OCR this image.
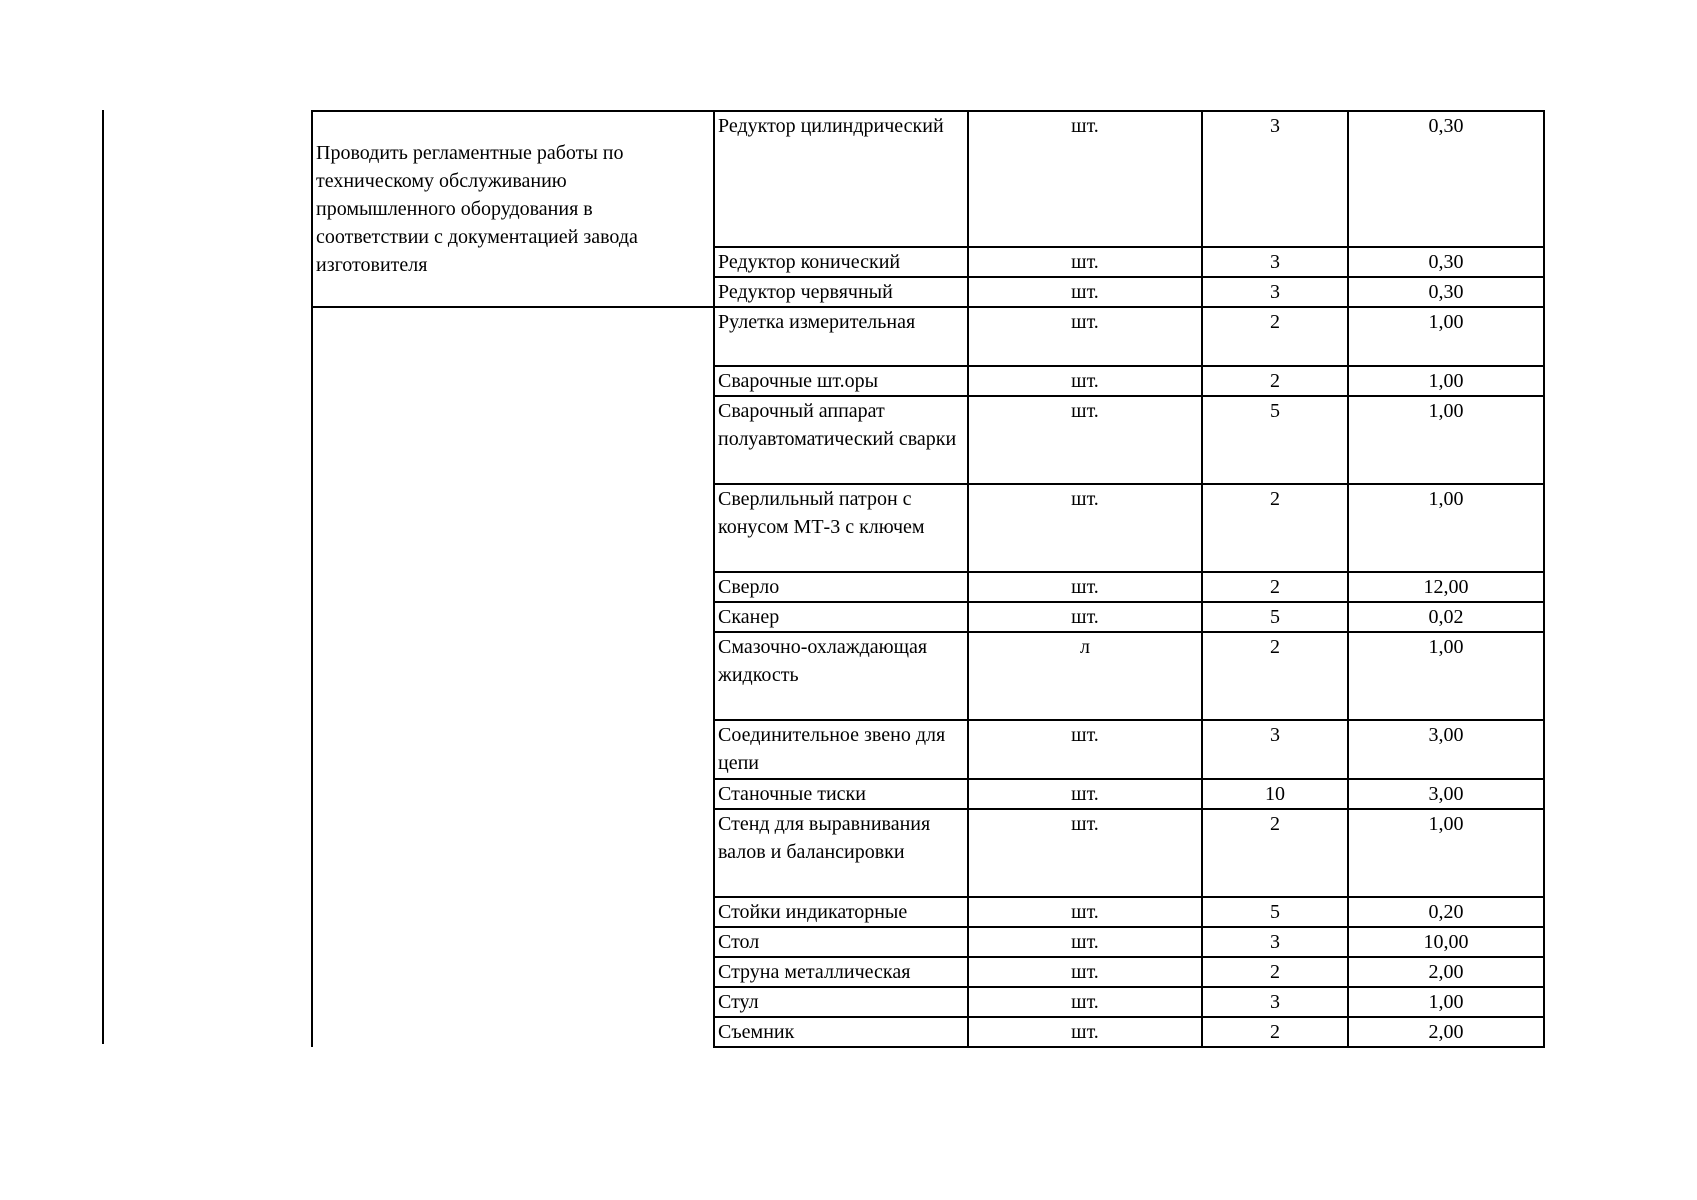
Проводить регламентные работы по техническому обслуживанию промышленного оборудования в соответствии с документацией завода изготовителя	Редуктор цилиндрический	шт.	3	0,30
	Редуктор конический	шт.	3	0,30
	Редуктор червячный	шт.	3	0,30
	Рулетка измерительная	шт.	2	1,00
	Сварочные шт.оры	шт.	2	1,00
	Сварочный аппарат полуавтоматический сварки	шт.	5	1,00
	Сверлильный патрон с конусом МТ-3 с ключем	шт.	2	1,00
	Сверло	шт.	2	12,00
	Сканер	шт.	5	0,02
	Смазочно-охлаждающая жидкость	л	2	1,00
	Соединительное звено для цепи	шт.	3	3,00
	Станочные тиски	шт.	10	3,00
	Стенд для выравнивания валов и балансировки	шт.	2	1,00
	Стойки индикаторные	шт.	5	0,20
	Стол	шт.	3	10,00
	Струна металлическая	шт.	2	2,00
	Стул	шт.	3	1,00
	Съемник	шт.	2	2,00
